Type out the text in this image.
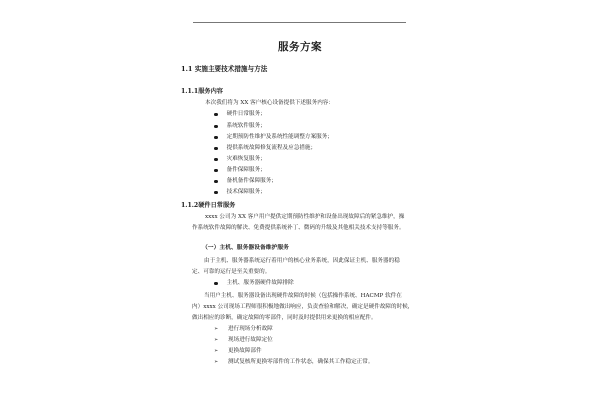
服务方案
1.1 实施主要技术措施与方法
1.1.1服务内容
本次我们将为 XX 客户核心设备提供下述服务内容：
硬件日常服务；
系统软件服务；
定期预防性维护及系统性能调整方案服务；
提供系统故障修复流程及应急措施；
灾难恢复服务；
备件保障服务；
备机备件保障服务；
技术保障服务；
1.1.2硬件日常服务
xxxx 公司为 XX 客户用户提供定期预防性维护和设备出现故障后的紧急维护，操
作系统软件故障的解决、免费提供系统补丁、微码的升级及其他相关技术支持等服务。
（一）主机、服务器设备维护服务
由于主机、服务器系统运行着用户的核心业务系统，因此保证主机、服务器的稳
定、可靠的运行是至关重要的。
主机、服务器硬件故障排除
当用户主机、服务器设备出现硬件故障的时候（包括操作系统、HACMP 软件在
内）xxxx 公司现场工程师很积极地做出响应，负责查验和解决，确定是硬件故障的时候，
做出相应的诊断，确定故障的零部件，同时及时提供用来更换的相应配件。
➢ 进行现场分析故障
➢ 现场进行故障定位
➢ 更换故障部件
➢ 测试复核所更换零部件的工作状态，确保其工作稳定正常。
